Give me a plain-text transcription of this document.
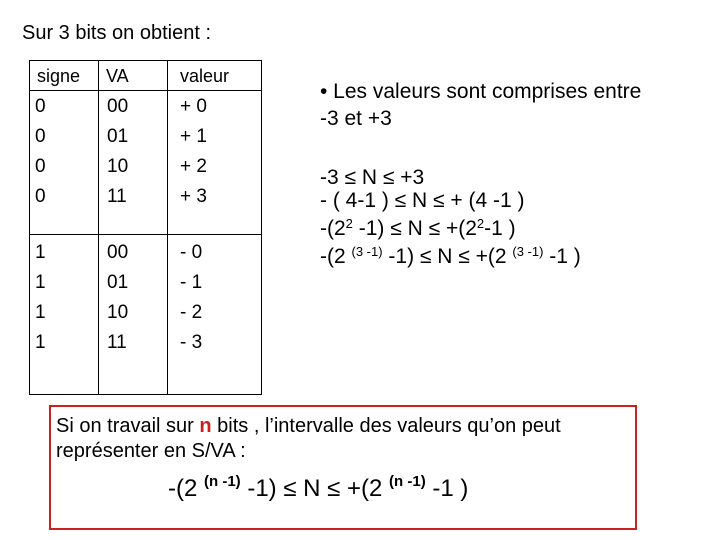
Sur 3 bits on obtient :
signe VA	valeur
0
0
0
0
00
01
10
11
+ 0
+ 1
+ 2
+ 3
1
1
1
1
00
01
10
11
- 0
- 1
- 2
- 3
• Les valeurs sont comprises entre -3 et +3
-3 ≤ N ≤ +3
- ( 4-1 ) ≤ N ≤ + (4 -1 )
$-(2^2$ $-1) \le N \le +(2^2-1$ )
-(2 $^{(3 -1)}$ -1) ≤ N ≤ +(2 $^{(3 -1)}$ -1 )
Si on travail sur n bits , l’intervalle des valeurs qu’on peut représenter en S/VA :
-(2 $^{(n -1)}$ -1) ≤ N ≤ +(2 $^{(n -1)}$ -1 )
